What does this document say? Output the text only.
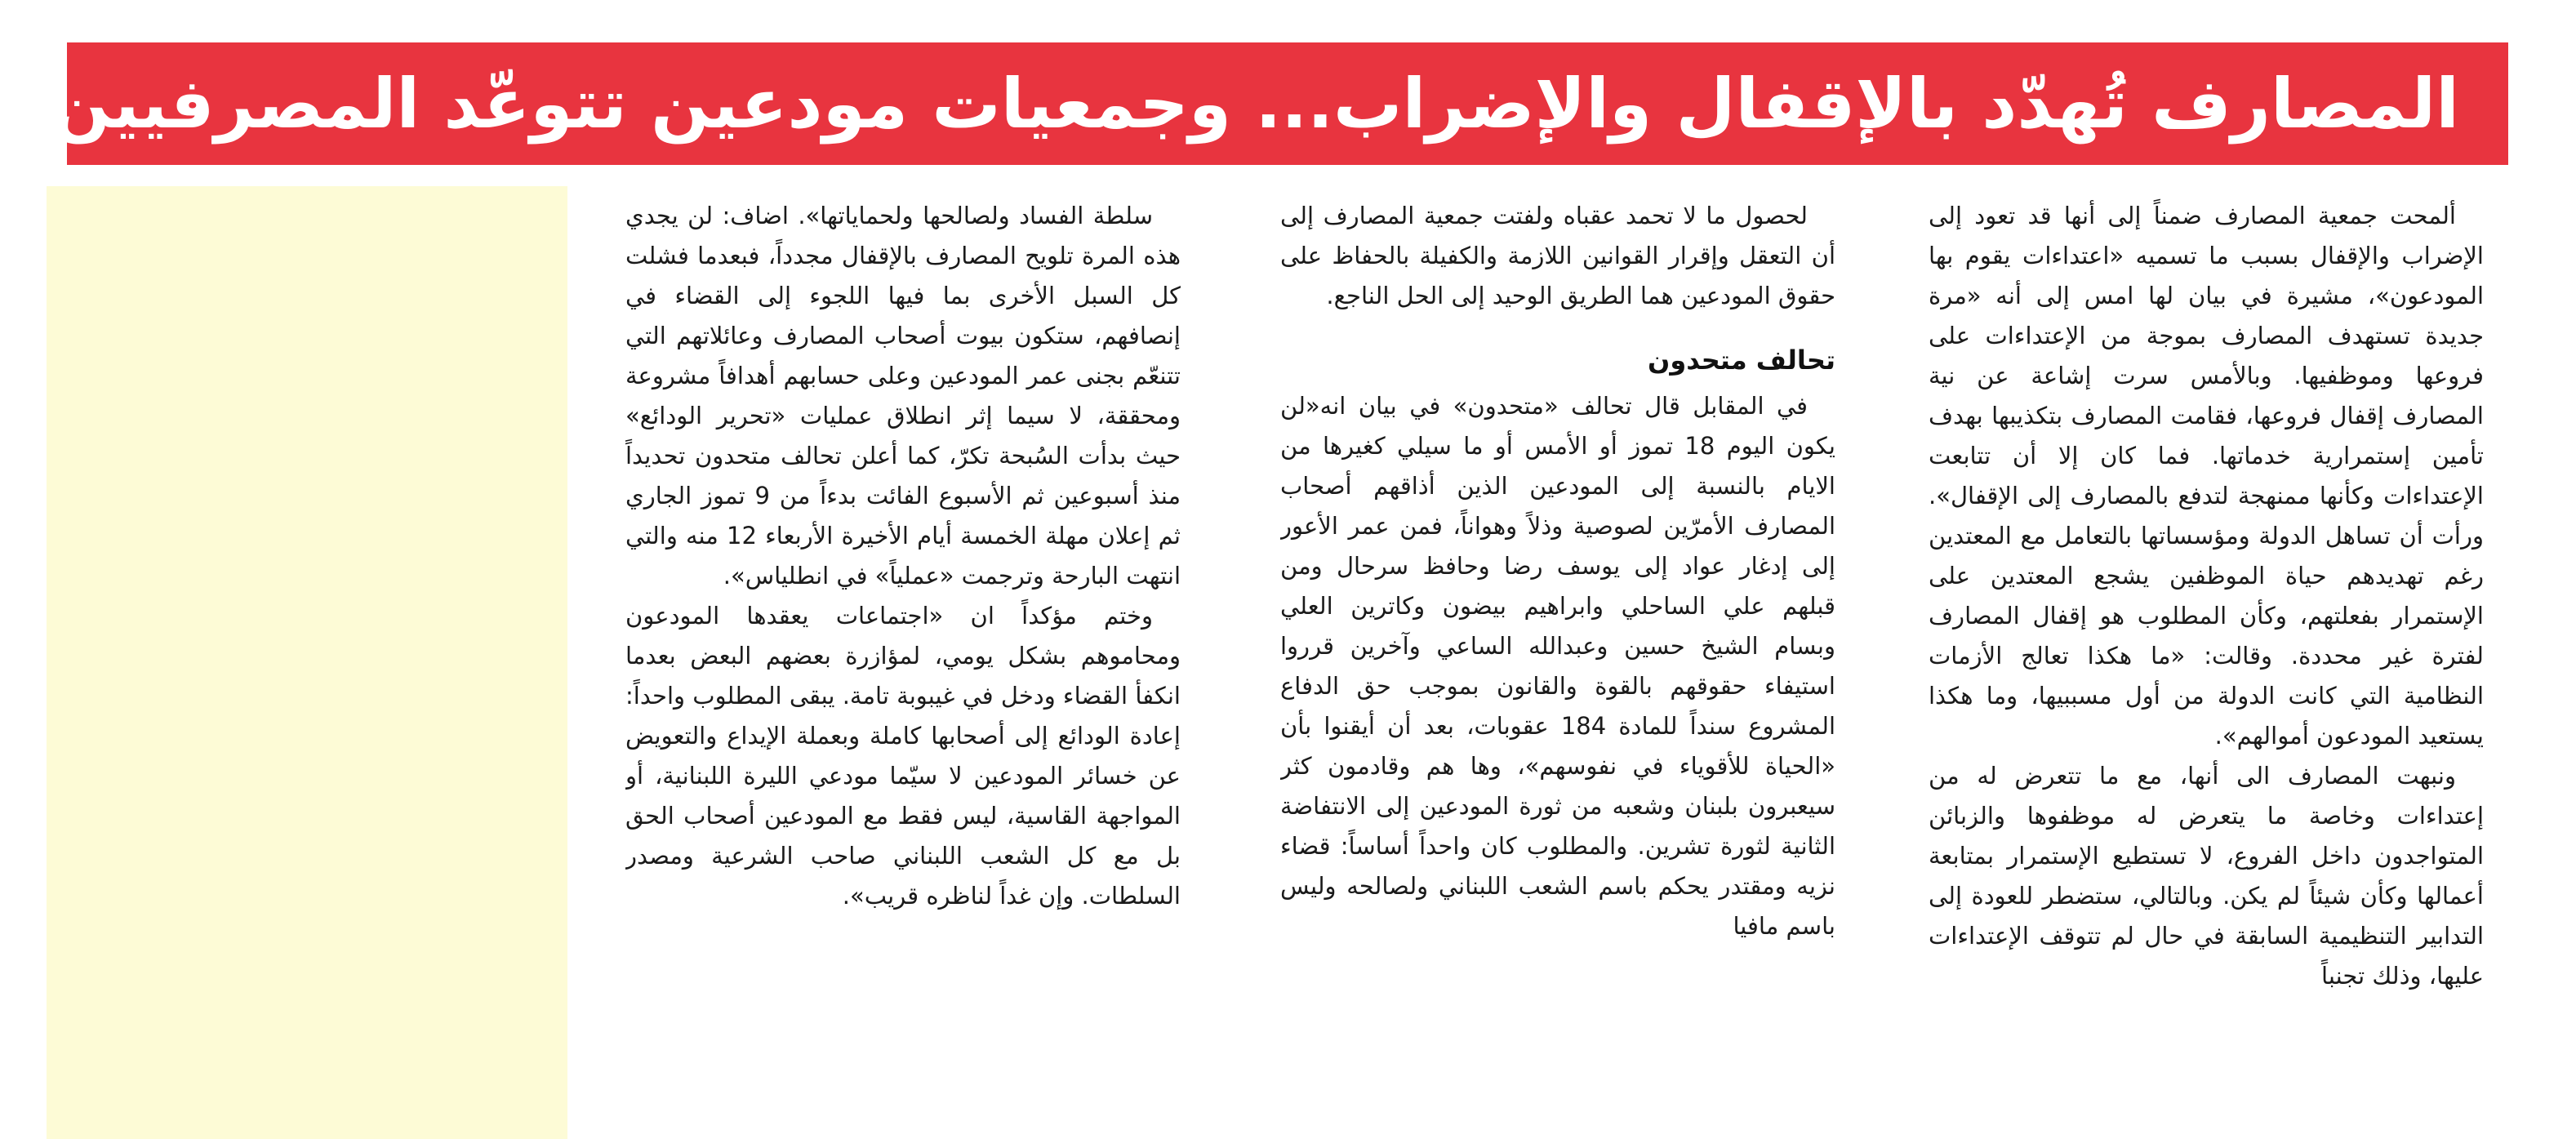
المصارف تُهدّد بالإقفال والإضراب... وجمعيات مودعين تتوعّد المصرفيين

ألمحت جمعية المصارف ضمناً إلى أنها قد تعود إلى الإضراب والإقفال بسبب ما تسميه «اعتداءات يقوم بها المودعون»، مشيرة في بيان لها امس إلى أنه «مرة جديدة تستهدف المصارف بموجة من الإعتداءات على فروعها وموظفيها. وبالأمس سرت إشاعة عن نية المصارف إقفال فروعها، فقامت المصارف بتكذيبها بهدف تأمين إستمرارية خدماتها. فما كان إلا أن تتابعت الإعتداءات وكأنها ممنهجة لتدفع بالمصارف إلى الإقفال». ورأت أن تساهل الدولة ومؤسساتها بالتعامل مع المعتدين رغم تهديدهم حياة الموظفين يشجع المعتدين على الإستمرار بفعلتهم، وكأن المطلوب هو إقفال المصارف لفترة غير محددة. وقالت: «ما هكذا تعالج الأزمات النظامية التي كانت الدولة من أول مسببيها، وما هكذا يستعيد المودعون أموالهم».

ونبهت المصارف الى أنها، مع ما تتعرض له من إعتداءات وخاصة ما يتعرض له موظفوها والزبائن المتواجدون داخل الفروع، لا تستطيع الإستمرار بمتابعة أعمالها وكأن شيئاً لم يكن. وبالتالي، ستضطر للعودة إلى التدابير التنظيمية السابقة في حال لم تتوقف الإعتداءات عليها، وذلك تجنباً

لحصول ما لا تحمد عقباه ولفتت جمعية المصارف إلى أن التعقل وإقرار القوانين اللازمة والكفيلة بالحفاظ على حقوق المودعين هما الطريق الوحيد إلى الحل الناجع.

تحالف متحدون

في المقابل قال تحالف «متحدون» في بيان انه«لن يكون اليوم 18 تموز أو الأمس أو ما سيلي كغيرها من الايام بالنسبة إلى المودعين الذين أذاقهم أصحاب المصارف الأمرّين لصوصية وذلاً وهواناً، فمن عمر الأعور إلى إدغار عواد إلى يوسف رضا وحافظ سرحال ومن قبلهم علي الساحلي وابراهيم بيضون وكاترين العلي وبسام الشيخ حسين وعبدالله الساعي وآخرين قرروا استيفاء حقوقهم بالقوة والقانون بموجب حق الدفاع المشروع سنداً للمادة 184 عقوبات، بعد أن أيقنوا بأن «الحياة للأقوياء في نفوسهم»، وها هم وقادمون كثر سيعبرون بلبنان وشعبه من ثورة المودعين إلى الانتفاضة الثانية لثورة تشرين. والمطلوب كان واحداً أساساً: قضاء نزيه ومقتدر يحكم باسم الشعب اللبناني ولصالحه وليس باسم مافيا

سلطة الفساد ولصالحها ولحماياتها». اضاف: لن يجدي هذه المرة تلويح المصارف بالإقفال مجدداً، فبعدما فشلت كل السبل الأخرى بما فيها اللجوء إلى القضاء في إنصافهم، ستكون بيوت أصحاب المصارف وعائلاتهم التي تتنعّم بجنى عمر المودعين وعلى حسابهم أهدافاً مشروعة ومحققة، لا سيما إثر انطلاق عمليات «تحرير الودائع» حيث بدأت السُبحة تكرّ، كما أعلن تحالف متحدون تحديداً منذ أسبوعين ثم الأسبوع الفائت بدءاً من 9 تموز الجاري ثم إعلان مهلة الخمسة أيام الأخيرة الأربعاء 12 منه والتي انتهت البارحة وترجمت «عملياً» في انطلياس».

وختم مؤكداً ان «اجتماعات يعقدها المودعون ومحاموهم بشكل يومي، لمؤازرة بعضهم البعض بعدما انكفأ القضاء ودخل في غيبوبة تامة. يبقى المطلوب واحداً: إعادة الودائع إلى أصحابها كاملة وبعملة الإيداع والتعويض عن خسائر المودعين لا سيّما مودعي الليرة اللبنانية، أو المواجهة القاسية، ليس فقط مع المودعين أصحاب الحق بل مع كل الشعب اللبناني صاحب الشرعية ومصدر السلطات. وإن غداً لناظره قريب».
